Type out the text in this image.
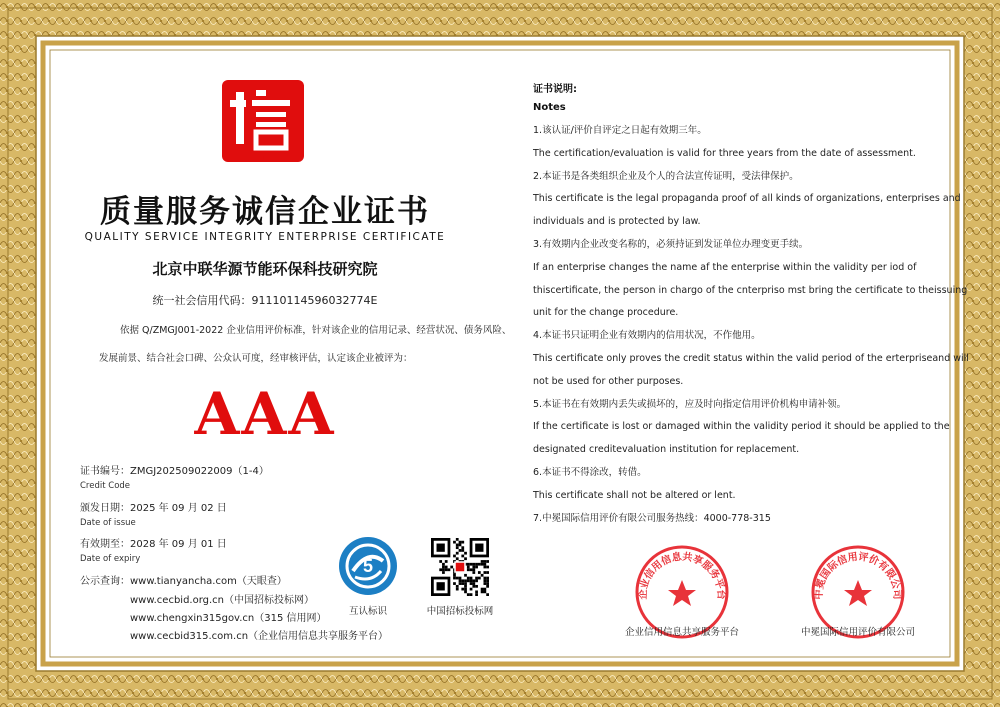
信
质量服务诚信企业证书
QUALITY SERVICE INTEGRITY ENTERPRISE CERTIFICATE
北京中联华源节能环保科技研究院
统一社会信用代码：91110114596032774E
依据 Q/ZMGJ001-2022 企业信用评价标准，针对该企业的信用记录、经营状况、债务风险、
发展前景、结合社会口碑、公众认可度，经审核评估，认定该企业被评为：
AAA
证书编号：ZMGJ202509022009（1-4）
Credit Code
颁发日期：2025 年 09 月 02 日
Date of issue
有效期至：2028 年 09 月 01 日
Date of expiry
公示查询：www.tianyancha.com（天眼查）
www.cecbid.org.cn（中国招标投标网）
www.chengxin315gov.cn（315 信用网）
www.cecbid315.com.cn（企业信用信息共享服务平台）
5
互认标识	中国招标投标网
证书说明:
Notes
1.该认证/评价自评定之日起有效期三年。
The certification/evaluation is valid for three years from the date of assessment.
2.本证书是各类组织企业及个人的合法宣传证明，受法律保护。
This certificate is the legal propaganda proof of all kinds of organizations, enterprises and
individuals and is protected by law.
3.有效期内企业改变名称的，必须持证到发证单位办理变更手续。
If an enterprise changes the name af the enterprise within the validity per iod of
thiscertificate, the person in chargo of the cnterpriso mst bring the certificate to theissuing
unit for the change procedure.
4.本证书只证明企业有效期内的信用状况，不作他用。
This certificate only proves the credit status within the valid period of the erterpriseand will
not be used for other purposes.
5.本证书在有效期内丢失或损坏的，应及时向指定信用评价机构申请补领。
If the certificate is lost or damaged within the validity period it should be applied to the
designated creditevaluation institution for replacement.
6.本证书不得涂改，转借。
This certificate shall not be altered or lent.
7.中冕国际信用评价有限公司服务热线：4000-778-315
企业信用信息共享服务平台
企业信用信息共享服务平台
中冕国际信用评价有限公司
中冕国际信用评价有限公司
